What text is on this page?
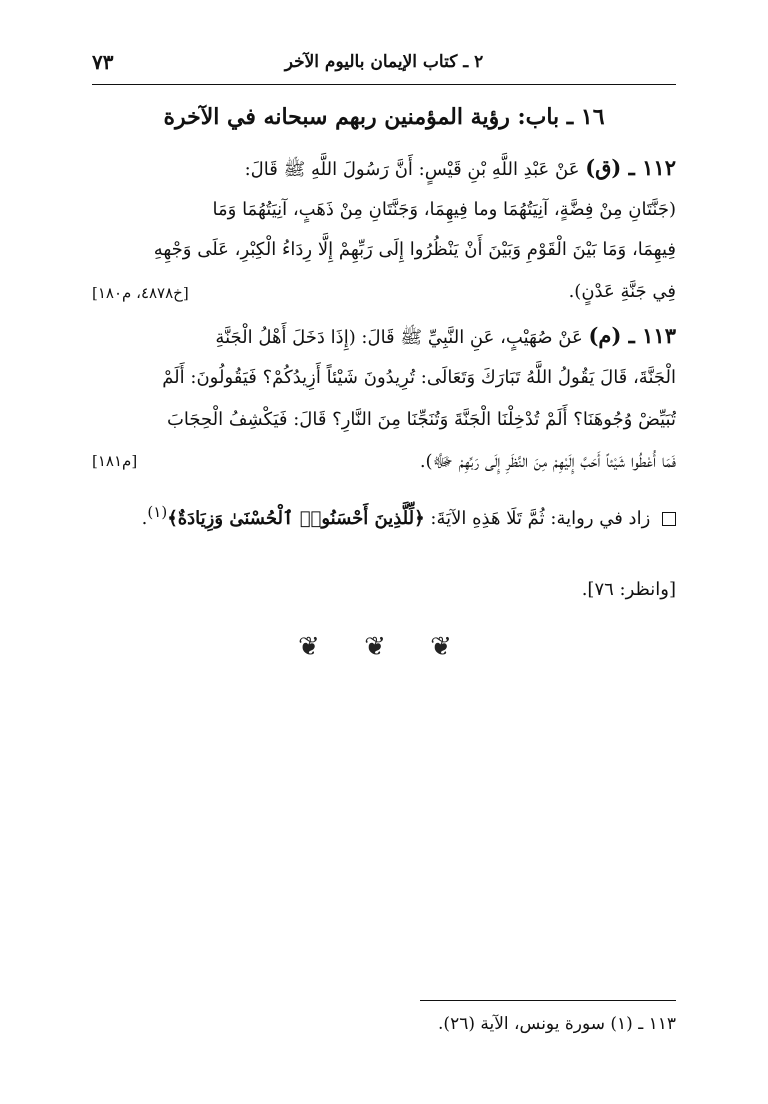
٢ ـ كتاب الإيمان باليوم الآخر
٧٣
١٦ ـ باب: رؤية المؤمنين ربهم سبحانه في الآخرة
١١٢ ـ (ق) عَنْ عَبْدِ اللَّهِ بْنِ قَيْسٍ: أَنَّ رَسُولَ اللَّهِ ﷺ قَالَ:
(جَنَّتَانِ مِنْ فِضَّةٍ، آنِيَتُهُمَا وما فِيهِمَا، وَجَنَّتَانِ مِنْ ذَهَبٍ، آنِيَتُهُمَا وَمَا
فِيهِمَا، وَمَا بَيْنَ الْقَوْمِ وَبَيْنَ أَنْ يَنْظُرُوا إِلَى رَبِّهِمْ إِلَّا رِدَاءُ الْكِبْرِ، عَلَى وَجْهِهِ
فِي جَنَّةِ عَدْنٍ).
[خ٤٨٧٨، م١٨٠]
١١٣ ـ (م) عَنْ صُهَيْبٍ، عَنِ النَّبِيِّ ﷺ قَالَ: (إِذَا دَخَلَ أَهْلُ الْجَنَّةِ
الْجَنَّةَ، قَالَ يَقُولُ اللَّهُ تَبَارَكَ وَتَعَالَى: تُرِيدُونَ شَيْئاً أَزِيدُكُمْ؟ فَيَقُولُونَ: أَلَمْ
تُبَيِّضْ وُجُوهَنَا؟ أَلَمْ تُدْخِلْنَا الْجَنَّةَ وَتُنَجِّنَا مِنَ النَّارِ؟ قَالَ: فَيَكْشِفُ الْحِجَابَ
فَمَا أُعْطُوا شَيْئاً أَحَبَّ إِلَيْهِمْ مِنَ النَّظَرِ إِلَى رَبِّهِمْ ﷻ).
[م١٨١]
زاد في رواية: ثُمَّ تَلَا هَذِهِ الآيَةَ: ﴿لِّلَّذِينَ أَحْسَنُوا۟ ٱلْحُسْنَىٰ وَزِيَادَةٌ﴾$^{(١)}$.
[وانظر: ٧٦].
❦ ❦ ❦
١١٣ ـ (١) سورة يونس، الآية (٢٦).
